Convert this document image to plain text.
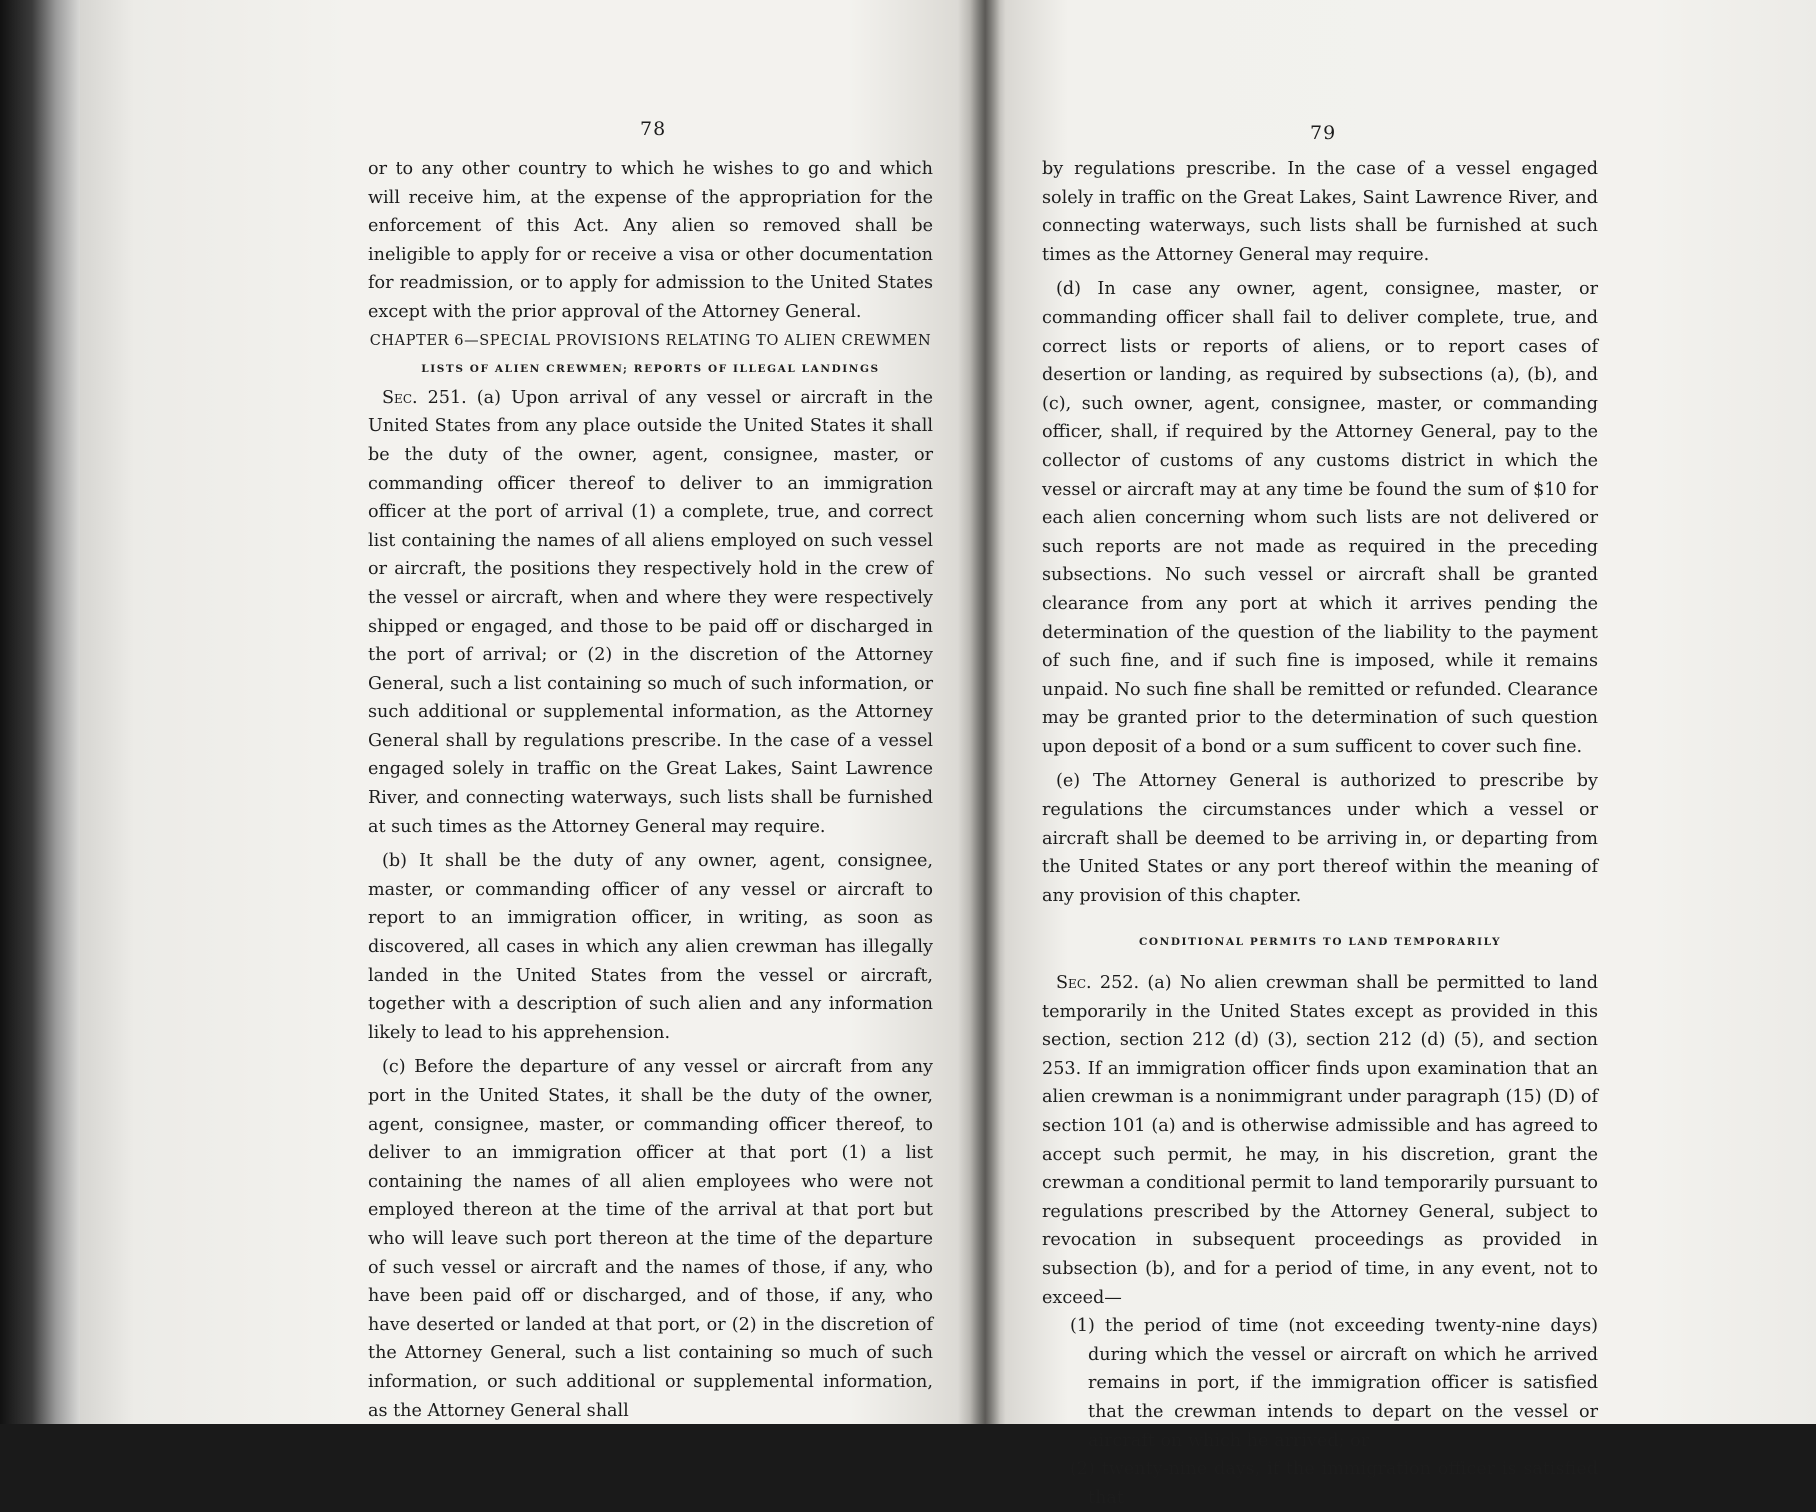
78

or to any other country to which he wishes to go and which will receive him, at the expense of the appropriation for the enforcement of this Act. Any alien so removed shall be ineligible to apply for or receive a visa or other documentation for readmission, or to apply for admission to the United States except with the prior approval of the Attorney General.

CHAPTER 6—SPECIAL PROVISIONS RELATING TO ALIEN CREWMEN

LISTS OF ALIEN CREWMEN; REPORTS OF ILLEGAL LANDINGS

Sec. 251. (a) Upon arrival of any vessel or aircraft in the United States from any place outside the United States it shall be the duty of the owner, agent, consignee, master, or commanding officer thereof to deliver to an immigration officer at the port of arrival (1) a complete, true, and correct list containing the names of all aliens employed on such vessel or aircraft, the positions they respectively hold in the crew of the vessel or aircraft, when and where they were respectively shipped or engaged, and those to be paid off or discharged in the port of arrival; or (2) in the discretion of the Attorney General, such a list containing so much of such information, or such additional or supplemental information, as the Attorney General shall by regulations prescribe. In the case of a vessel engaged solely in traffic on the Great Lakes, Saint Lawrence River, and connecting waterways, such lists shall be furnished at such times as the Attorney General may require.

(b) It shall be the duty of any owner, agent, consignee, master, or commanding officer of any vessel or aircraft to report to an immigration officer, in writing, as soon as discovered, all cases in which any alien crewman has illegally landed in the United States from the vessel or aircraft, together with a description of such alien and any information likely to lead to his apprehension.

(c) Before the departure of any vessel or aircraft from any port in the United States, it shall be the duty of the owner, agent, consignee, master, or commanding officer thereof, to deliver to an immigration officer at that port (1) a list containing the names of all alien employees who were not employed thereon at the time of the arrival at that port but who will leave such port thereon at the time of the departure of such vessel or aircraft and the names of those, if any, who have been paid off or discharged, and of those, if any, who have deserted or landed at that port, or (2) in the discretion of the Attorney General, such a list containing so much of such information, or such additional or supplemental information, as the Attorney General shall

79

by regulations prescribe. In the case of a vessel engaged solely in traffic on the Great Lakes, Saint Lawrence River, and connecting waterways, such lists shall be furnished at such times as the Attorney General may require.

(d) In case any owner, agent, consignee, master, or commanding officer shall fail to deliver complete, true, and correct lists or reports of aliens, or to report cases of desertion or landing, as required by subsections (a), (b), and (c), such owner, agent, consignee, master, or commanding officer, shall, if required by the Attorney General, pay to the collector of customs of any customs district in which the vessel or aircraft may at any time be found the sum of $10 for each alien concerning whom such lists are not delivered or such reports are not made as required in the preceding subsections. No such vessel or aircraft shall be granted clearance from any port at which it arrives pending the determination of the question of the liability to the payment of such fine, and if such fine is imposed, while it remains unpaid. No such fine shall be remitted or refunded. Clearance may be granted prior to the determination of such question upon deposit of a bond or a sum sufficent to cover such fine.

(e) The Attorney General is authorized to prescribe by regulations the circumstances under which a vessel or aircraft shall be deemed to be arriving in, or departing from the United States or any port thereof within the meaning of any provision of this chapter.

CONDITIONAL PERMITS TO LAND TEMPORARILY

Sec. 252. (a) No alien crewman shall be permitted to land temporarily in the United States except as provided in this section, section 212 (d) (3), section 212 (d) (5), and section 253. If an immigration officer finds upon examination that an alien crewman is a nonimmigrant under paragraph (15) (D) of section 101 (a) and is otherwise admissible and has agreed to accept such permit, he may, in his discretion, grant the crewman a conditional permit to land temporarily pursuant to regulations prescribed by the Attorney General, subject to revocation in subsequent proceedings as provided in subsection (b), and for a period of time, in any event, not to exceed—

(1) the period of time (not exceeding twenty-nine days) during which the vessel or aircraft on which he arrived remains in port, if the immigration officer is satisfied that the crewman intends to depart on the vessel or aircraft on which he arrived; or

(2) twenty-nine days, if the immigration officer is satisfied that
